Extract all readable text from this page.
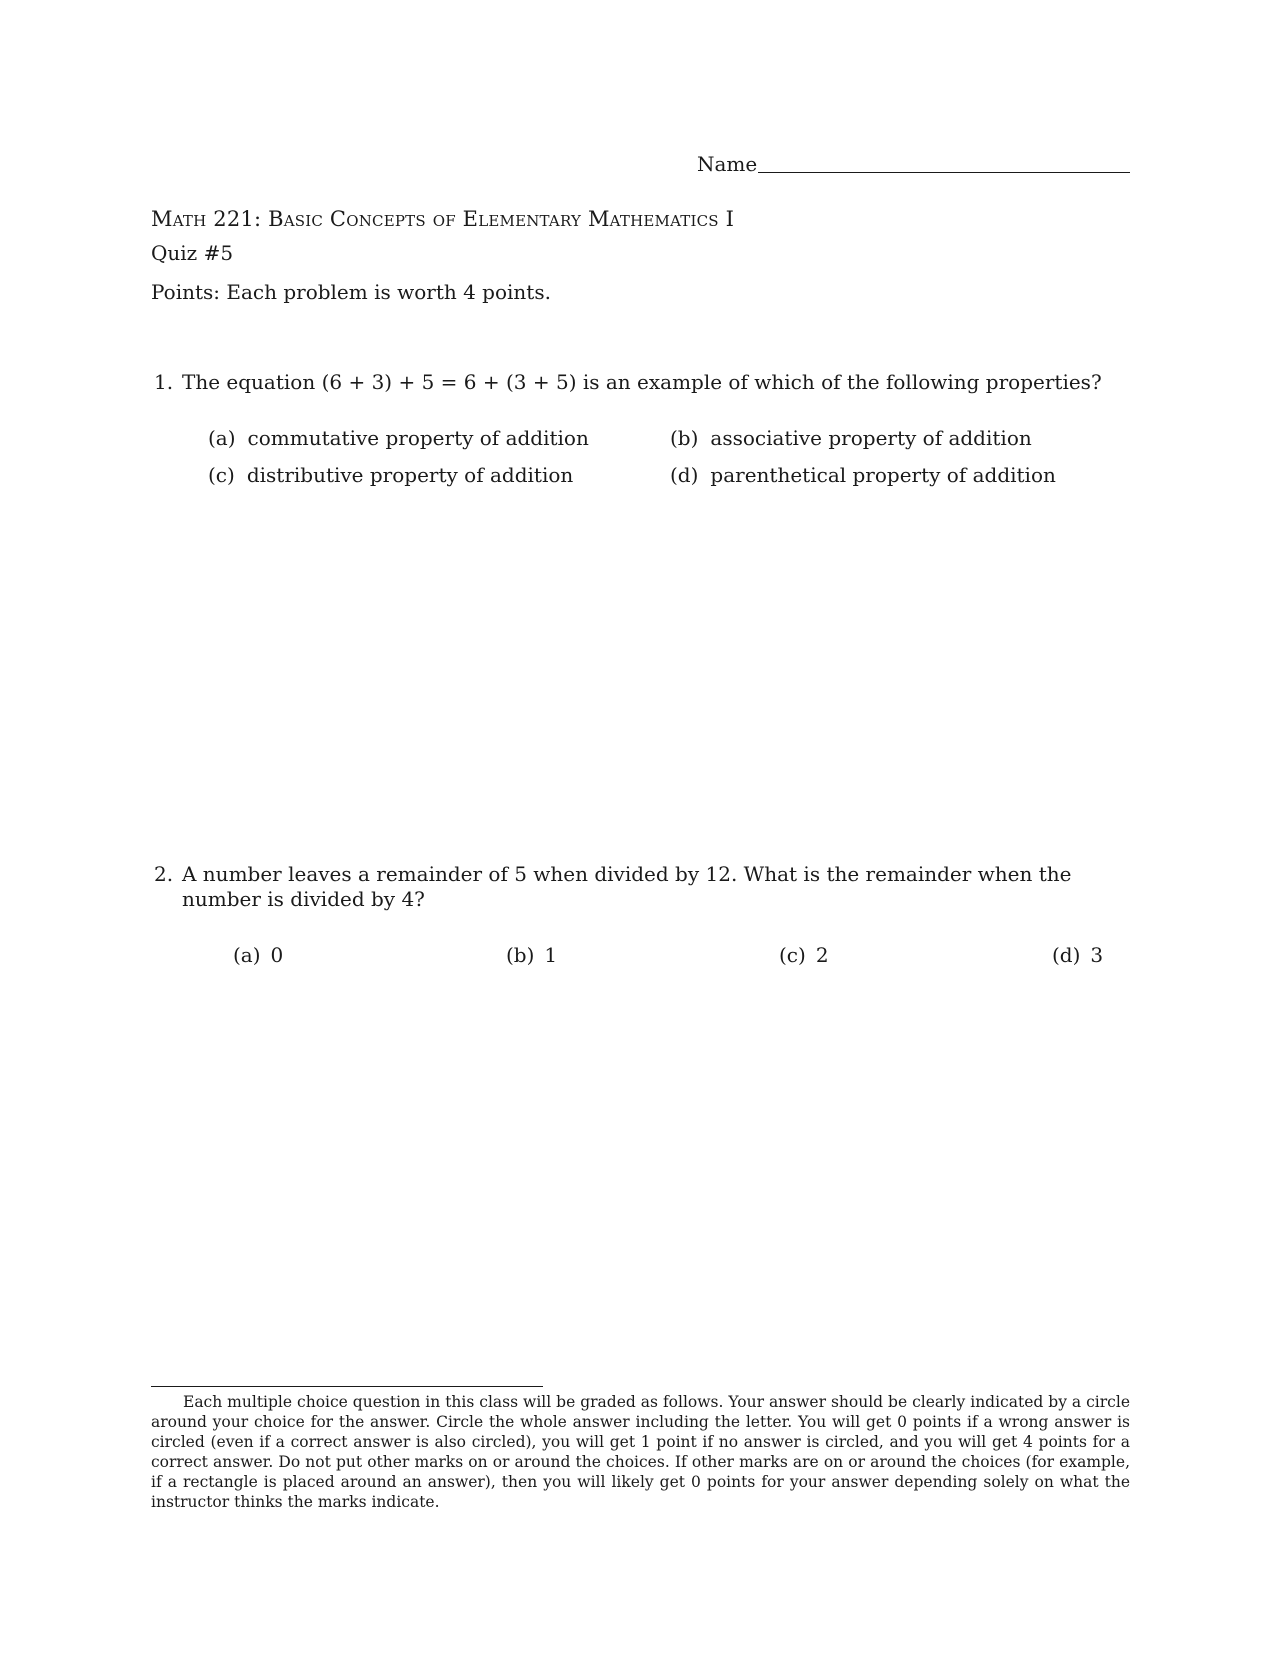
Name

Math 221: Basic Concepts of Elementary Mathematics I

Quiz #5

Points: Each problem is worth 4 points.

1. The equation (6 + 3) + 5 = 6 + (3 + 5) is an example of which of the following properties?
(a) commutative property of addition	(b) associative property of addition
(c) distributive property of addition	(d) parenthetical property of addition
2. A number leaves a remainder of 5 when divided by 12. What is the remainder when the number is divided by 4?

(a) 0	(b) 1	(c) 2	(d) 3

Each multiple choice question in this class will be graded as follows. Your answer should be clearly indicated by a circle around your choice for the answer. Circle the whole answer including the letter. You will get 0 points if a wrong answer is circled (even if a correct answer is also circled), you will get 1 point if no answer is circled, and you will get 4 points for a correct answer. Do not put other marks on or around the choices. If other marks are on or around the choices (for example, if a rectangle is placed around an answer), then you will likely get 0 points for your answer depending solely on what the instructor thinks the marks indicate.
